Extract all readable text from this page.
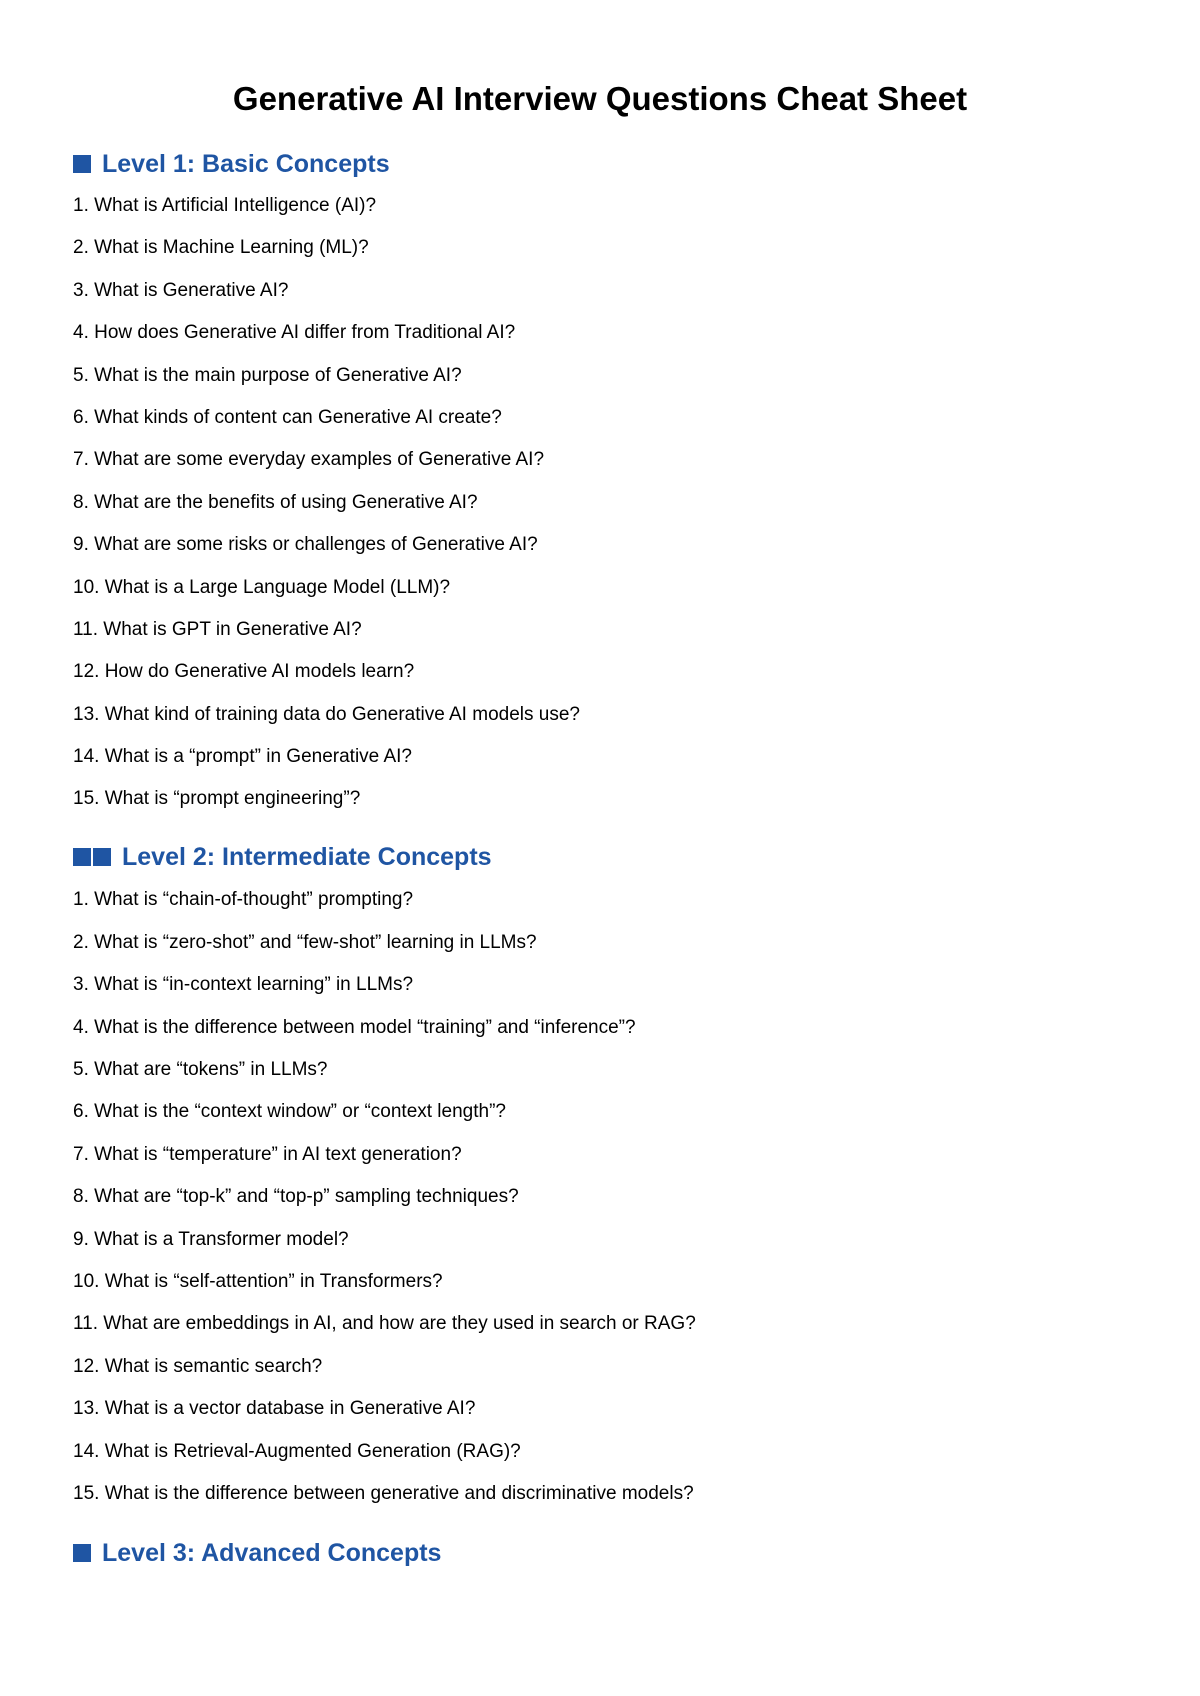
Generative AI Interview Questions Cheat Sheet
Level 1: Basic Concepts
1. What is Artificial Intelligence (AI)?
2. What is Machine Learning (ML)?
3. What is Generative AI?
4. How does Generative AI differ from Traditional AI?
5. What is the main purpose of Generative AI?
6. What kinds of content can Generative AI create?
7. What are some everyday examples of Generative AI?
8. What are the benefits of using Generative AI?
9. What are some risks or challenges of Generative AI?
10. What is a Large Language Model (LLM)?
11. What is GPT in Generative AI?
12. How do Generative AI models learn?
13. What kind of training data do Generative AI models use?
14. What is a “prompt” in Generative AI?
15. What is “prompt engineering”?
Level 2: Intermediate Concepts
1. What is “chain-of-thought” prompting?
2. What is “zero-shot” and “few-shot” learning in LLMs?
3. What is “in-context learning” in LLMs?
4. What is the difference between model “training” and “inference”?
5. What are “tokens” in LLMs?
6. What is the “context window” or “context length”?
7. What is “temperature” in AI text generation?
8. What are “top-k” and “top-p” sampling techniques?
9. What is a Transformer model?
10. What is “self-attention” in Transformers?
11. What are embeddings in AI, and how are they used in search or RAG?
12. What is semantic search?
13. What is a vector database in Generative AI?
14. What is Retrieval-Augmented Generation (RAG)?
15. What is the difference between generative and discriminative models?
Level 3: Advanced Concepts
